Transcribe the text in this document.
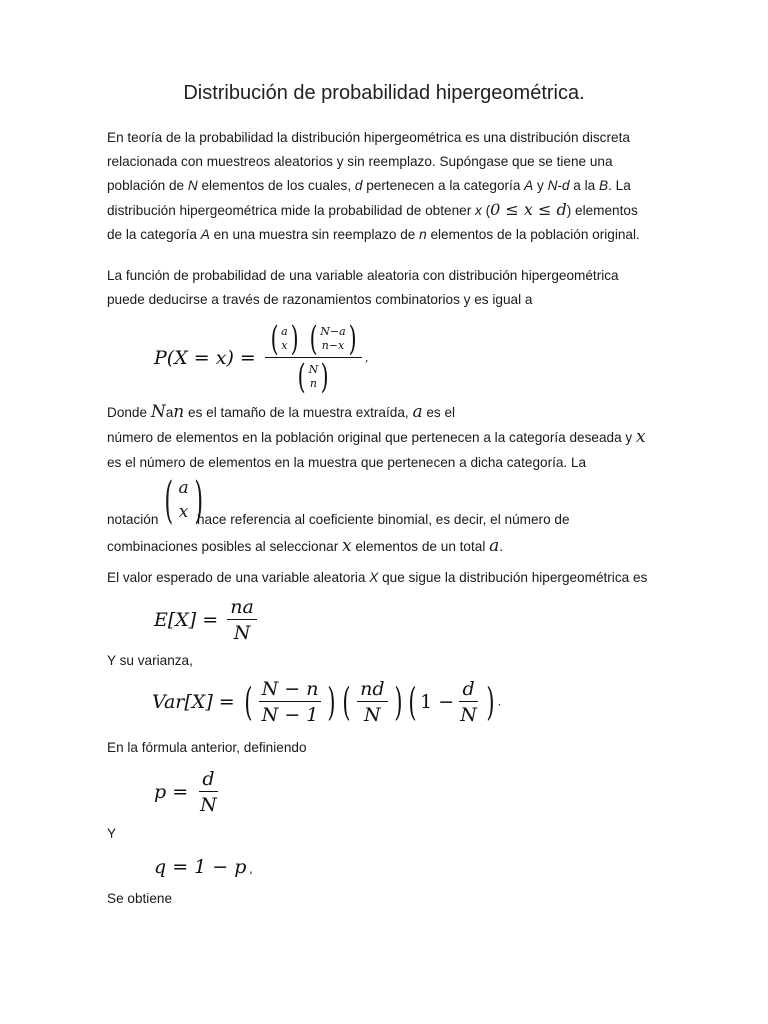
Distribución de probabilidad hipergeométrica.

En teoría de la probabilidad la distribución hipergeométrica es una distribución discreta

relacionada con muestreos aleatorios y sin reemplazo. Supóngase que se tiene una

población de N elementos de los cuales, d pertenecen a la categoría A y N-d a la B. La

distribución hipergeométrica mide la probabilidad de obtener x (0 ≤ x ≤ d) elementos

de la categoría A en una muestra sin reemplazo de n elementos de la población original.

La función de probabilidad de una variable aleatoria con distribución hipergeométrica

puede deducirse a través de razonamientos combinatorios y es igual a

P(X = x) = ( a
x )
( N−a
n−x )
( N
n ) ,

Donde Nan es el tamaño de la muestra extraída, a es el

número de elementos en la población original que pertenecen a la categoría deseada y x

es el número de elementos en la muestra que pertenecen a dicha categoría. La

notación ( a
x )
hace referencia al coeficiente binomial, es decir, el número de

combinaciones posibles al seleccionar x elementos de un total a.

El valor esperado de una variable aleatoria X que sigue la distribución hipergeométrica es

$E[X] = \frac{na}{N}$

Y su varianza,

Var[X] = ( $\frac{N - n}{N - 1}$ ) ( $\frac{nd}{N}$ ) ( $1 - \frac{d}{N}$ ) .

En la fórmula anterior, definiendo

$p = \frac{d}{N}$

Y

q = 1 − p ,

Se obtiene
